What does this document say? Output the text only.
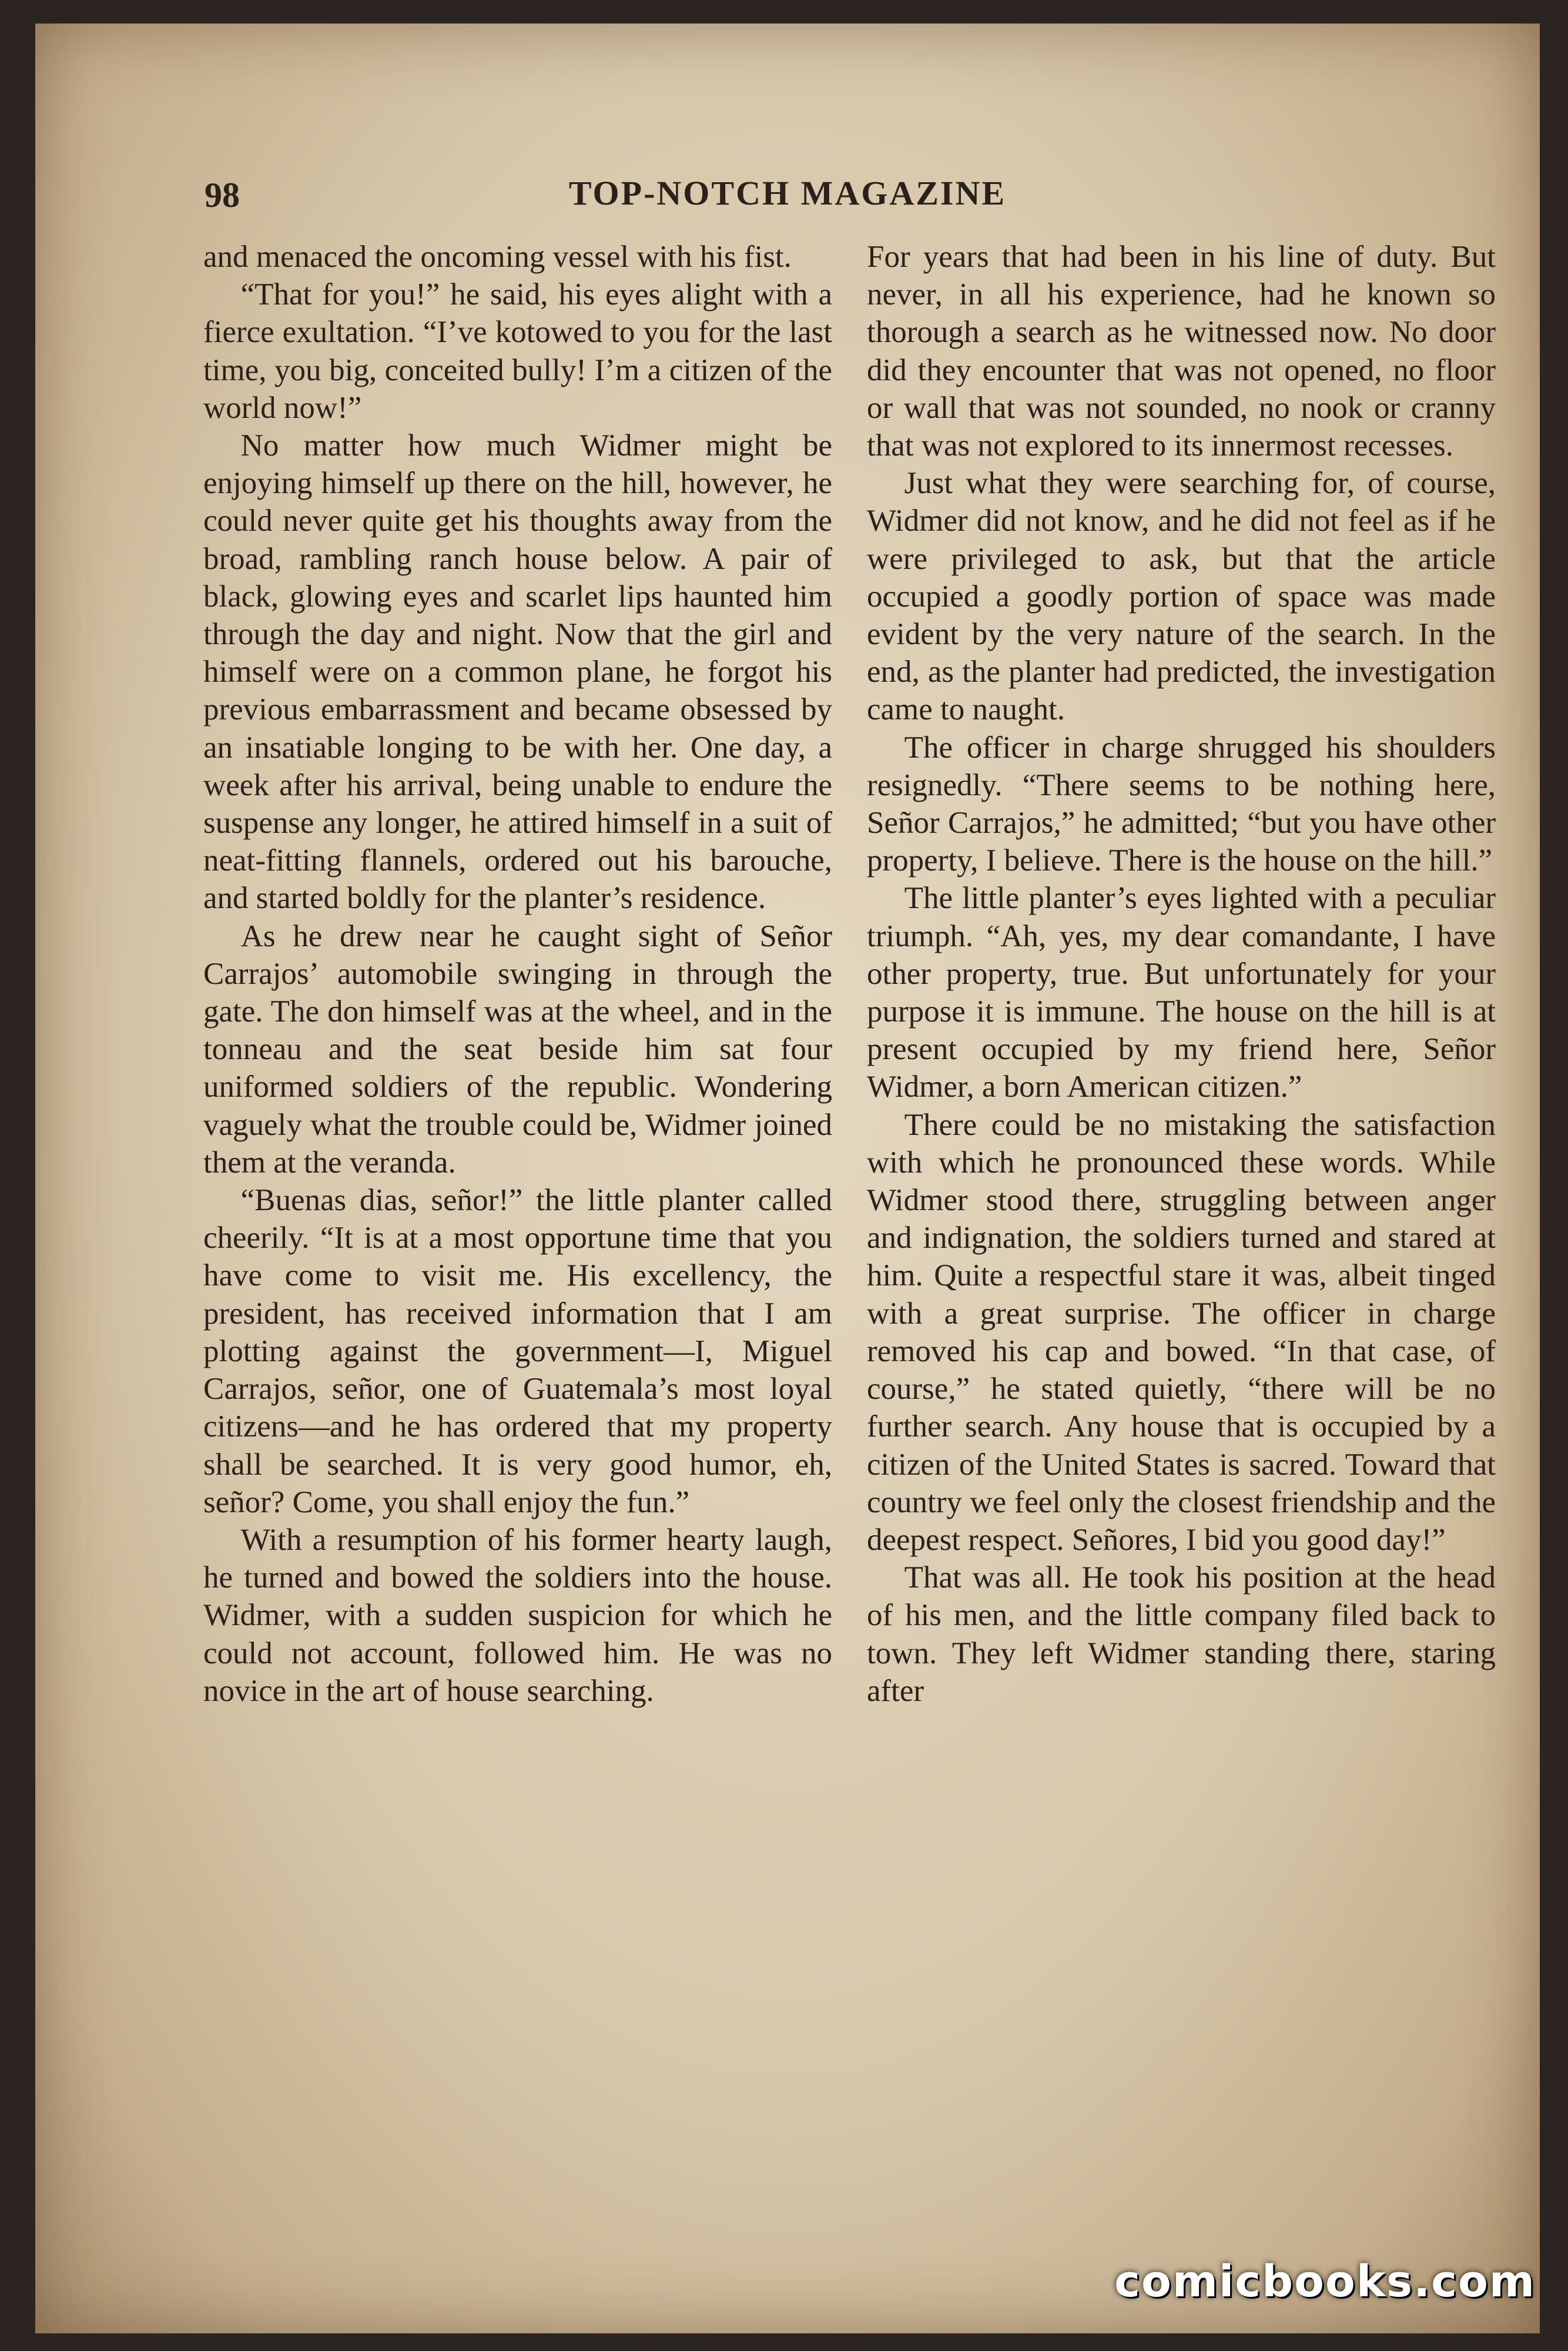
98	TOP-NOTCH MAGAZINE

and menaced the oncoming vessel with his fist.

“That for you!” he said, his eyes alight with a fierce exultation. “I’ve kotowed to you for the last time, you big, conceited bully! I’m a citizen of the world now!”

No matter how much Widmer might be enjoying himself up there on the hill, however, he could never quite get his thoughts away from the broad, rambling ranch house below. A pair of black, glowing eyes and scarlet lips haunted him through the day and night. Now that the girl and himself were on a common plane, he forgot his previous embarrassment and became obsessed by an insatiable longing to be with her. One day, a week after his arrival, being unable to endure the suspense any longer, he attired himself in a suit of neat-fitting flannels, ordered out his barouche, and started boldly for the planter’s residence.

As he drew near he caught sight of Señor Carrajos’ automobile swinging in through the gate. The don himself was at the wheel, and in the tonneau and the seat beside him sat four uniformed soldiers of the republic. Wondering vaguely what the trouble could be, Widmer joined them at the veranda.

“Buenas dias, señor!” the little planter called cheerily. “It is at a most opportune time that you have come to visit me. His excellency, the president, has received information that I am plotting against the government—I, Miguel Carrajos, señor, one of Guatemala’s most loyal citizens—and he has ordered that my property shall be searched. It is very good humor, eh, señor? Come, you shall enjoy the fun.”

With a resumption of his former hearty laugh, he turned and bowed the soldiers into the house. Widmer, with a sudden suspicion for which he could not account, followed him. He was no novice in the art of house searching.

For years that had been in his line of duty. But never, in all his experience, had he known so thorough a search as he witnessed now. No door did they encounter that was not opened, no floor or wall that was not sounded, no nook or cranny that was not explored to its innermost recesses.

Just what they were searching for, of course, Widmer did not know, and he did not feel as if he were privileged to ask, but that the article occupied a goodly portion of space was made evident by the very nature of the search. In the end, as the planter had predicted, the investigation came to naught.

The officer in charge shrugged his shoulders resignedly. “There seems to be nothing here, Señor Carrajos,” he admitted; “but you have other property, I believe. There is the house on the hill.”

The little planter’s eyes lighted with a peculiar triumph. “Ah, yes, my dear comandante, I have other property, true. But unfortunately for your purpose it is immune. The house on the hill is at present occupied by my friend here, Señor Widmer, a born American citizen.”

There could be no mistaking the satisfaction with which he pronounced these words. While Widmer stood there, struggling between anger and indignation, the soldiers turned and stared at him. Quite a respectful stare it was, albeit tinged with a great surprise. The officer in charge removed his cap and bowed. “In that case, of course,” he stated quietly, “there will be no further search. Any house that is occupied by a citizen of the United States is sacred. Toward that country we feel only the closest friendship and the deepest respect. Señores, I bid you good day!”

That was all. He took his position at the head of his men, and the little company filed back to town. They left Widmer standing there, staring after

comicbooks.com
